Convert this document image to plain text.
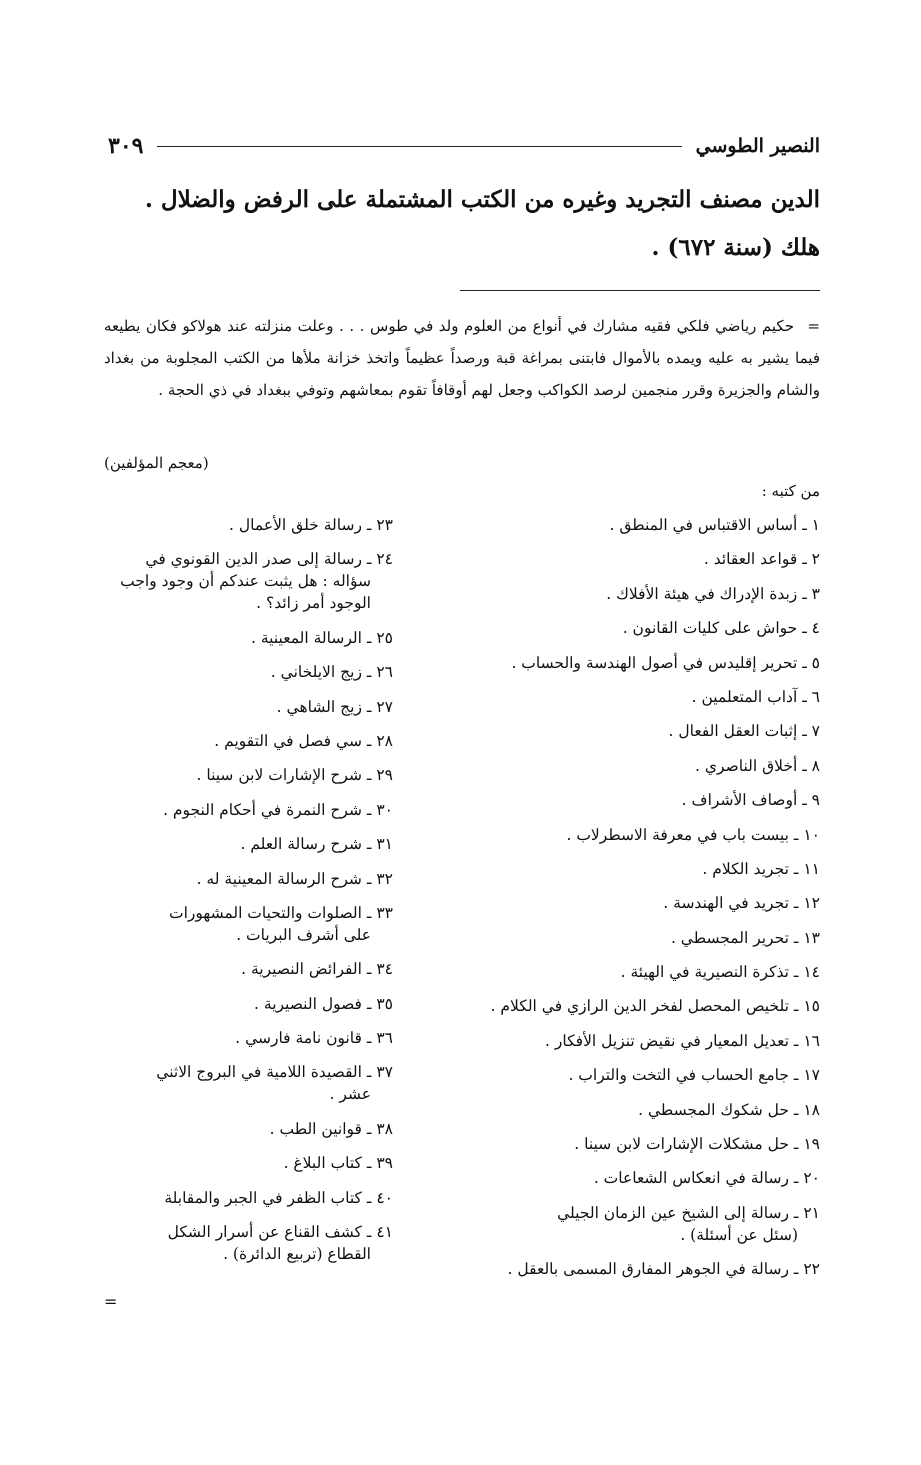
النصير الطوسي
٣٠٩

الدين مصنف التجريد وغيره من الكتب المشتملة على الرفض والضلال .

هلك (سنة ٦٧٢) .

=حكيم رياضي فلكي فقيه مشارك في أنواع من العلوم ولد في طوس . . . وعلت منزلته عند هولاكو فكان يطيعه فيما يشير به عليه ويمده بالأموال فابتنى بمراغة قبة ورصداً عظيماً واتخذ خزانة ملأها من الكتب المجلوبة من بغداد والشام والجزيرة وقرر منجمين لرصد الكواكب وجعل لهم أوقافاً تقوم بمعاشهم وتوفي ببغداد في ذي الحجة .

(معجم المؤلفين)
من كتبه :
١ ـ أساس الاقتباس في المنطق .
٢ ـ قواعد العقائد .
٣ ـ زبدة الإدراك في هيئة الأفلاك .
٤ ـ حواش على كليات القانون .
٥ ـ تحرير إقليدس في أصول الهندسة والحساب .
٦ ـ آداب المتعلمين .
٧ ـ إثبات العقل الفعال .
٨ ـ أخلاق الناصري .
٩ ـ أوصاف الأشراف .
١٠ ـ بيست باب في معرفة الاسطرلاب .
١١ ـ تجريد الكلام .
١٢ ـ تجريد في الهندسة .
١٣ ـ تحرير المجسطي .
١٤ ـ تذكرة النصيرية في الهيئة .
١٥ ـ تلخيص المحصل لفخر الدين الرازي في الكلام .
١٦ ـ تعديل المعيار في نقيض تنزيل الأفكار .
١٧ ـ جامع الحساب في التخت والتراب .
١٨ ـ حل شكوك المجسطي .
١٩ ـ حل مشكلات الإشارات لابن سينا .
٢٠ ـ رسالة في انعكاس الشعاعات .
٢١ ـ رسالة إلى الشيخ عين الزمان الجيلي
(سئل عن أسئلة) .
٢٢ ـ رسالة في الجوهر المفارق المسمى بالعقل .
٢٣ ـ رسالة خلق الأعمال .
٢٤ ـ رسالة إلى صدر الدين القونوي في
سؤاله : هل يثبت عندكم أن وجود واجب الوجود أمر زائد؟ .
٢٥ ـ الرسالة المعينية .
٢٦ ـ زيج الايلخاني .
٢٧ ـ زيج الشاهي .
٢٨ ـ سي فصل في التقويم .
٢٩ ـ شرح الإشارات لابن سينا .
٣٠ ـ شرح النمرة في أحكام النجوم .
٣١ ـ شرح رسالة العلم .
٣٢ ـ شرح الرسالة المعينية له .
٣٣ ـ الصلوات والتحيات المشهورات
على أشرف البريات .
٣٤ ـ الفرائض النصيرية .
٣٥ ـ فصول النصيرية .
٣٦ ـ قانون نامة فارسي .
٣٧ ـ القصيدة اللامية في البروج الاثني
عشر .
٣٨ ـ قوانين الطب .
٣٩ ـ كتاب البلاغ .
٤٠ ـ كتاب الظفر في الجبر والمقابلة
٤١ ـ كشف القناع عن أسرار الشكل
القطاع (تربيع الدائرة) .
=
